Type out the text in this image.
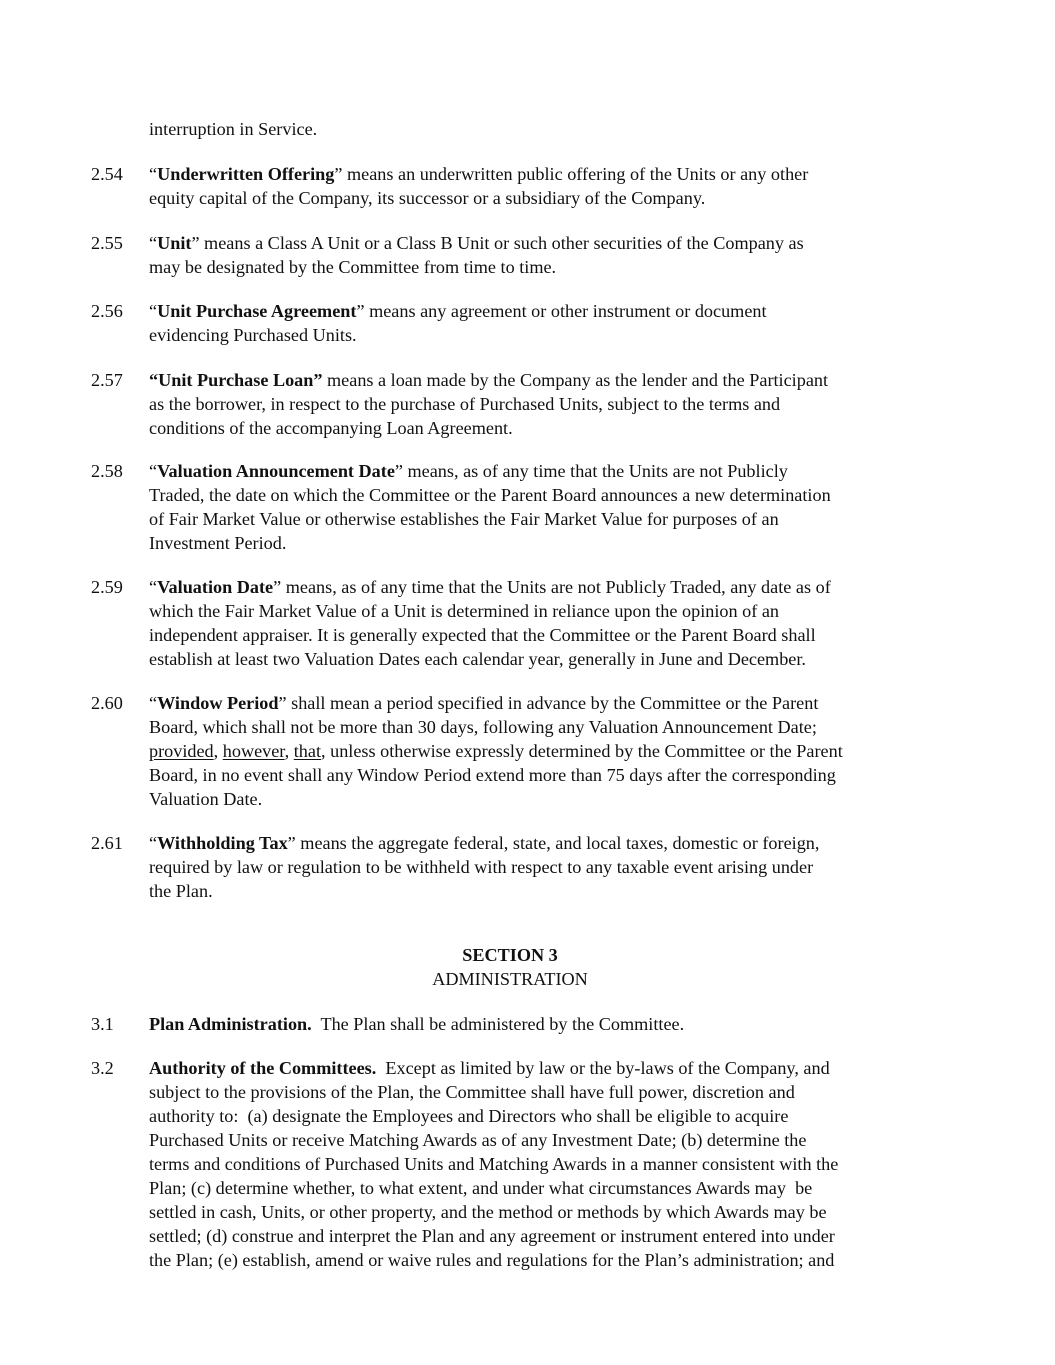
interruption in Service.
2.54 “Underwritten Offering” means an underwritten public offering of the Units or any other
equity capital of the Company, its successor or a subsidiary of the Company.
2.55 “Unit” means a Class A Unit or a Class B Unit or such other securities of the Company as
may be designated by the Committee from time to time.
2.56 “Unit Purchase Agreement” means any agreement or other instrument or document
evidencing Purchased Units.
2.57 “Unit Purchase Loan” means a loan made by the Company as the lender and the Participant
as the borrower, in respect to the purchase of Purchased Units, subject to the terms and
conditions of the accompanying Loan Agreement.
2.58 “Valuation Announcement Date” means, as of any time that the Units are not Publicly
Traded, the date on which the Committee or the Parent Board announces a new determination
of Fair Market Value or otherwise establishes the Fair Market Value for purposes of an
Investment Period.
2.59 “Valuation Date” means, as of any time that the Units are not Publicly Traded, any date as of
which the Fair Market Value of a Unit is determined in reliance upon the opinion of an
independent appraiser. It is generally expected that the Committee or the Parent Board shall
establish at least two Valuation Dates each calendar year, generally in June and December.
2.60 “Window Period” shall mean a period specified in advance by the Committee or the Parent
Board, which shall not be more than 30 days, following any Valuation Announcement Date;
provided, however, that, unless otherwise expressly determined by the Committee or the Parent
Board, in no event shall any Window Period extend more than 75 days after the corresponding
Valuation Date.
2.61 “Withholding Tax” means the aggregate federal, state, and local taxes, domestic or foreign,
required by law or regulation to be withheld with respect to any taxable event arising under
the Plan.
SECTION 3
ADMINISTRATION
3.1 Plan Administration.  The Plan shall be administered by the Committee.
3.2 Authority of the Committees.  Except as limited by law or the by-laws of the Company, and
subject to the provisions of the Plan, the Committee shall have full power, discretion and
authority to:  (a) designate the Employees and Directors who shall be eligible to acquire
Purchased Units or receive Matching Awards as of any Investment Date; (b) determine the
terms and conditions of Purchased Units and Matching Awards in a manner consistent with the
Plan; (c) determine whether, to what extent, and under what circumstances Awards may  be
settled in cash, Units, or other property, and the method or methods by which Awards may be
settled; (d) construe and interpret the Plan and any agreement or instrument entered into under
the Plan; (e) establish, amend or waive rules and regulations for the Plan’s administration; and
